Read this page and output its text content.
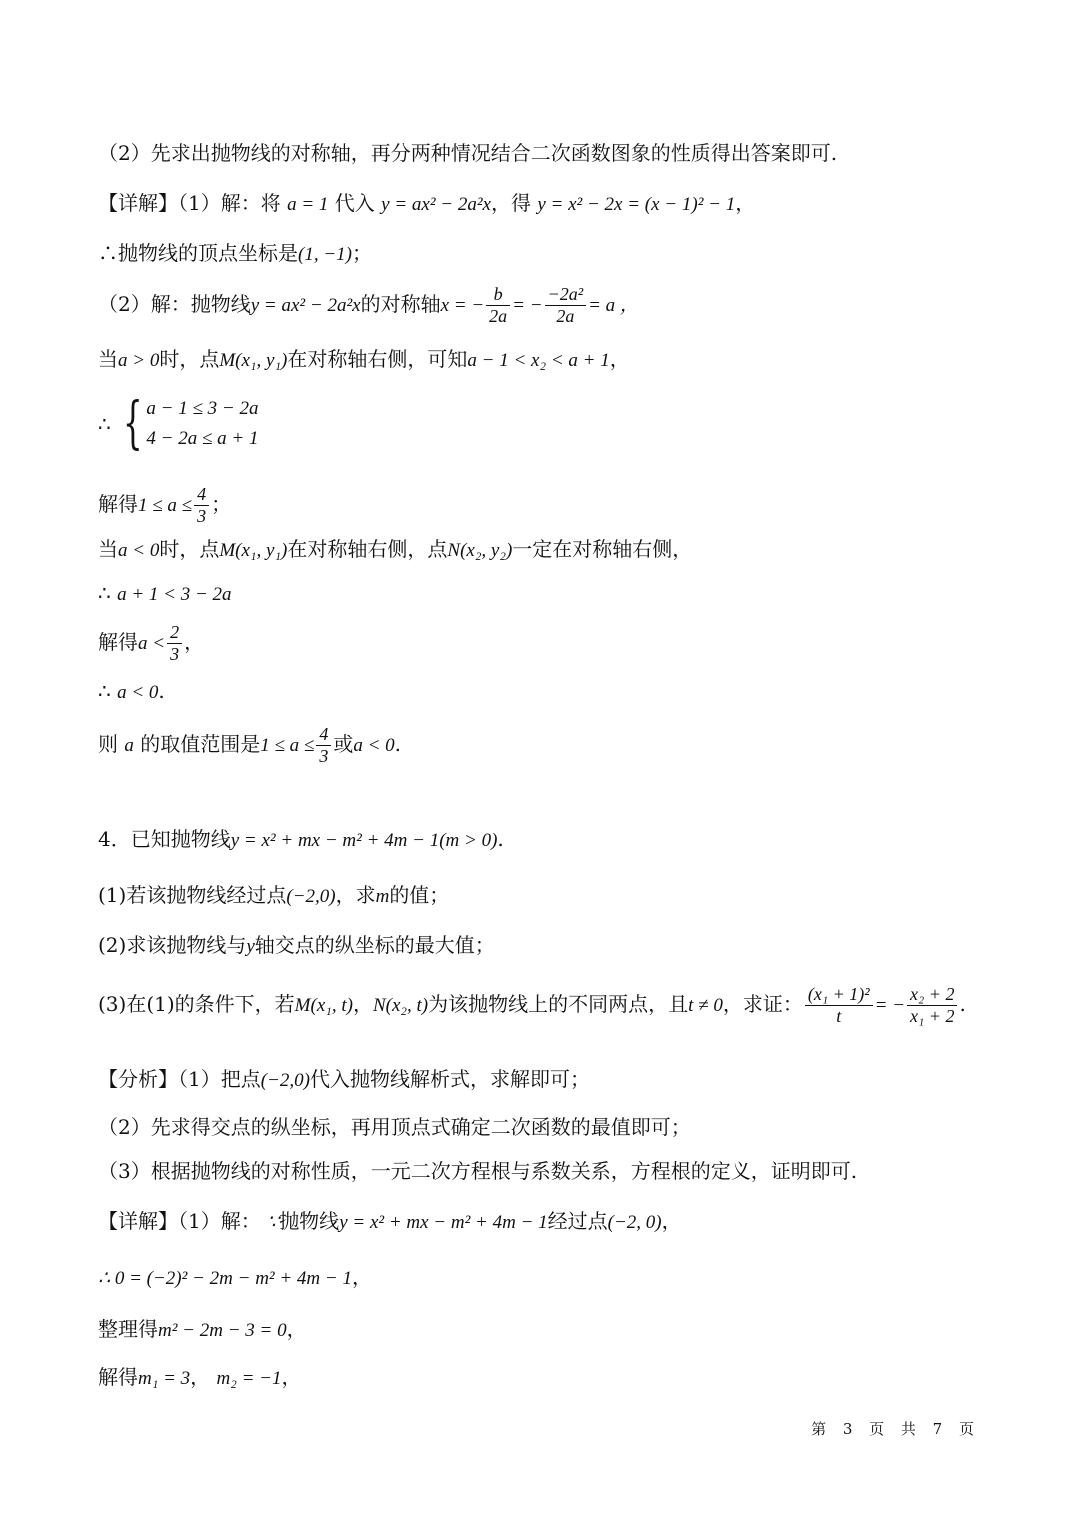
（2）先求出抛物线的对称轴，再分两种情况结合二次函数图象的性质得出答案即可.
【详解】（1）解：将 a = 1 代入 y = ax² − 2a²x，得 y = x² − 2x = (x − 1)² − 1，
∴抛物线的顶点坐标是(1, −1)；
（2）解：抛物线y = ax² − 2a²x的对称轴x = − $\frac{b}{2a}$ = − $\frac{\text{−2a²}}{2a} = a$ ，
当a > 0时，点M(x₁, y₁)在对称轴右侧，可知a − 1 < x₂ < a + 1，
∴ { a − 1 ≤ 3 − 2a
4 − 2a ≤ a + 1
解得$1 \le a \le \frac{4}{3}$ ；
当a < 0时，点M(x₁, y₁)在对称轴右侧，点N(x₂, y₂)一定在对称轴右侧，
∴ a + 1 < 3 − 2a
解得$a < \frac{2}{3}$ ，
∴ a < 0.
则 a 的取值范围是$1 \le a \le \frac{4}{3}$ 或a < 0.
4．已知抛物线y = x² + mx − m² + 4m − 1(m > 0).
(1)若该抛物线经过点(−2,0)，求m的值；
(2)求该抛物线与y轴交点的纵坐标的最大值；
(3)在(1)的条件下，若M(x₁, t)，N(x₂, t)为该抛物线上的不同两点，且t ≠ 0，求证： $\frac{\text{(x₁ + 1)²}}{t}$ = − $\frac{\text{x₂ + 2}}{\text{x₁ + 2}}$ .
【分析】（1）把点(−2,0)代入抛物线解析式，求解即可；
（2）先求得交点的纵坐标，再用顶点式确定二次函数的最值即可；
（3）根据抛物线的对称性质，一元二次方程根与系数关系，方程根的定义，证明即可.
【详解】（1）解： ∵抛物线y = x² + mx − m² + 4m − 1经过点(−2, 0)，
∴ 0 = (−2)² − 2m − m² + 4m − 1，
整理得m² − 2m − 3 = 0，
解得m₁ = 3， m₂ = −1，
第 3 页 共 7 页
